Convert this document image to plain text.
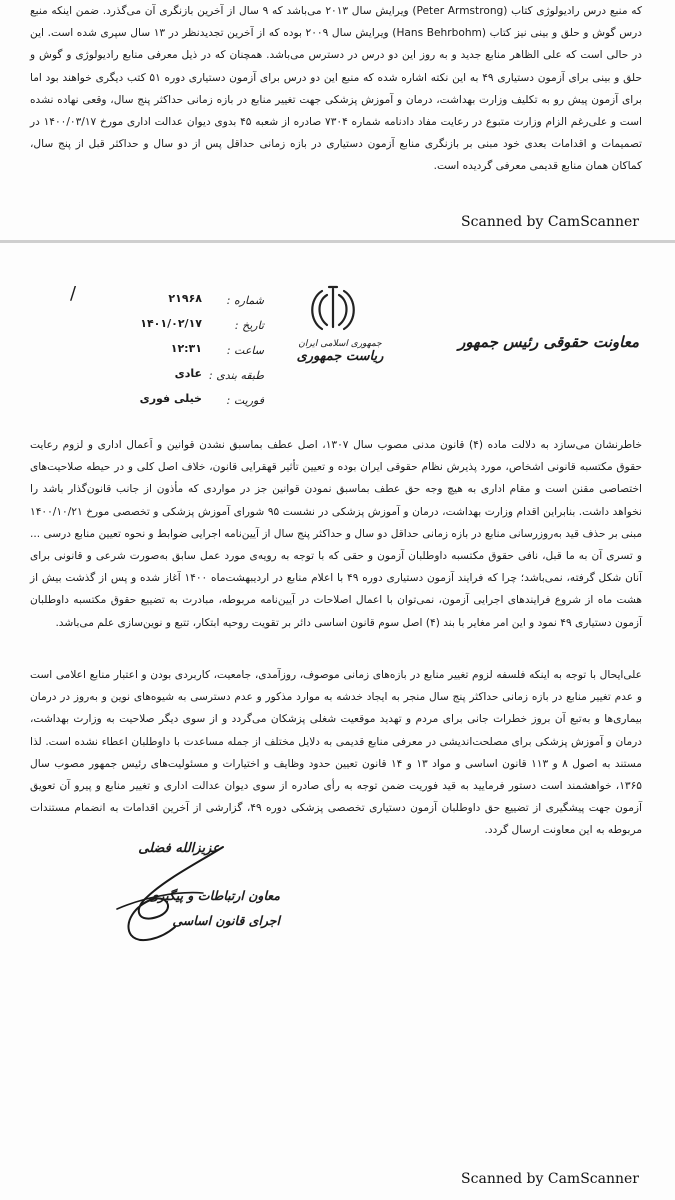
که منبع درس رادیولوژی کتاب (Peter Armstrong) ویرایش سال ۲۰۱۳ می‌باشد که ۹ سال از آخرین بازنگری آن می‌گذرد. ضمن اینکه منبع درس گوش و حلق و بینی نیز کتاب (Hans Behrbohm) ویرایش سال ۲۰۰۹ بوده که از آخرین تجدیدنظر در ۱۳ سال سپری شده است. این در حالی است که علی الظاهر منابع جدید و به روز این دو درس در دسترس می‌باشد. همچنان که در ذیل معرفی منابع رادیولوژی و گوش و حلق و بینی برای آزمون دستیاری ۴۹ به این نکته اشاره شده که منبع این دو درس برای آزمون دستیاری دوره ۵۱ کتب دیگری خواهند بود اما برای آزمون پیش رو به تکلیف وزارت بهداشت، درمان و آموزش پزشکی جهت تغییر منابع در بازه زمانی حداکثر پنج سال، وقعی نهاده نشده است و علی‌رغم الزام وزارت متبوع در رعایت مفاد دادنامه شماره ۷۳۰۴ صادره از شعبه ۴۵ بدوی دیوان عدالت اداری مورخ ۱۴۰۰/۰۳/۱۷ در تصمیمات و اقدامات بعدی خود مبنی بر بازنگری منابع آزمون دستیاری در بازه زمانی حداقل پس از دو سال و حداکثر قبل از پنج سال، کماکان همان منابع قدیمی معرفی گردیده است.

Scanned by CamScanner
معاونت حقوقی رئیس جمهور
جمهوری اسلامی ایران
ریاست جمهوری
شماره :
۲۱۹۶۸
/
تاریخ :
۱۴۰۱/۰۲/۱۷
ساعت :
۱۲:۳۱
طبقه بندی :
عادی
فوریت :
خیلی فوری

خاطرنشان می‌سازد به دلالت ماده (۴) قانون مدنی مصوب سال ۱۳۰۷، اصل عطف بماسبق نشدن قوانین و اَعمال اداری و لزوم رعایت حقوق مکتسبه قانونی اشخاص، مورد پذیرش نظام حقوقی ایران بوده و تعیین تأثیر قهقرایی قانون، خلاف اصل کلی و در حیطه صلاحیت‌های اختصاصی مقنن است و مقام اداری به هیچ وجه حق عطف بماسبق نمودن قوانین جز در مواردی که مأذون از جانب قانون‌گذار باشد را نخواهد داشت. بنابراین اقدام وزارت بهداشت، درمان و آموزش پزشکی در نشست ۹۵ شورای آموزش پزشکی و تخصصی مورخ ۱۴۰۰/۱۰/۲۱ مبنی بر حذف قید به‌روزرسانی منابع در بازه زمانی حداقل دو سال و حداکثر پنج سال از آیین‌نامه اجرایی ضوابط و نحوه تعیین منابع درسی ... و تسری آن به ما قبل، نافی حقوق مکتسبه داوطلبان آزمون و حقی که با توجه به رویه‌ی مورد عمل سابق به‌صورت شرعی و قانونی برای آنان شکل گرفته، نمی‌باشد؛ چرا که فرایند آزمون دستیاری دوره ۴۹ با اعلام منابع در اردیبهشت‌ماه ۱۴۰۰ آغاز شده و پس از گذشت بیش از هشت ماه از شروع فرایندهای اجرایی آزمون، نمی‌توان با اعمال اصلاحات در آیین‌نامه مربوطه، مبادرت به تضییع حقوق مکتسبه داوطلبان آزمون دستیاری ۴۹ نمود و این امر مغایر با بند (۴) اصل سوم قانون اساسی دائر بر تقویت روحیه ابتکار، تتبع و نوین‌سازی علم می‌باشد.

علی‌ایحال با توجه به اینکه فلسفه لزوم تغییر منابع در بازه‌های زمانی موصوف، روزآمدی، جامعیت، کاربردی بودن و اعتبار منابع اعلامی است و عدم تغییر منابع در بازه زمانی حداکثر پنج سال منجر به ایجاد خدشه به موارد مذکور و عدم دسترسی به شیوه‌های نوین و به‌روز در درمان بیماری‌ها و به‌تبع آن بروز خطرات جانی برای مردم و تهدید موقعیت شغلی پزشکان می‌گردد و از سوی دیگر صلاحیت به وزارت بهداشت، درمان و آموزش پزشکی برای مصلحت‌اندیشی در معرفی منابع قدیمی به دلایل مختلف از جمله مساعدت با داوطلبان اعطاء نشده است. لذا مستند به اصول ۸ و ۱۱۳ قانون اساسی و مواد ۱۳ و ۱۴ قانون تعیین حدود وظایف و اختیارات و مسئولیت‌های رئیس جمهور مصوب سال ۱۳۶۵، خواهشمند است دستور فرمایید به قید فوریت ضمن توجه به رأی صادره از سوی دیوان عدالت اداری و تغییر منابع و پیرو آن تعویق آزمون جهت پیشگیری از تضییع حق داوطلبان آزمون دستیاری تخصصی پزشکی دوره ۴۹، گزارشی از آخرین اقدامات به انضمام مستندات مربوطه به این معاونت ارسال گردد.

عزیزالله فضلی
معاون ارتباطات و پیگیری
اجرای قانون اساسی
Scanned by CamScanner
